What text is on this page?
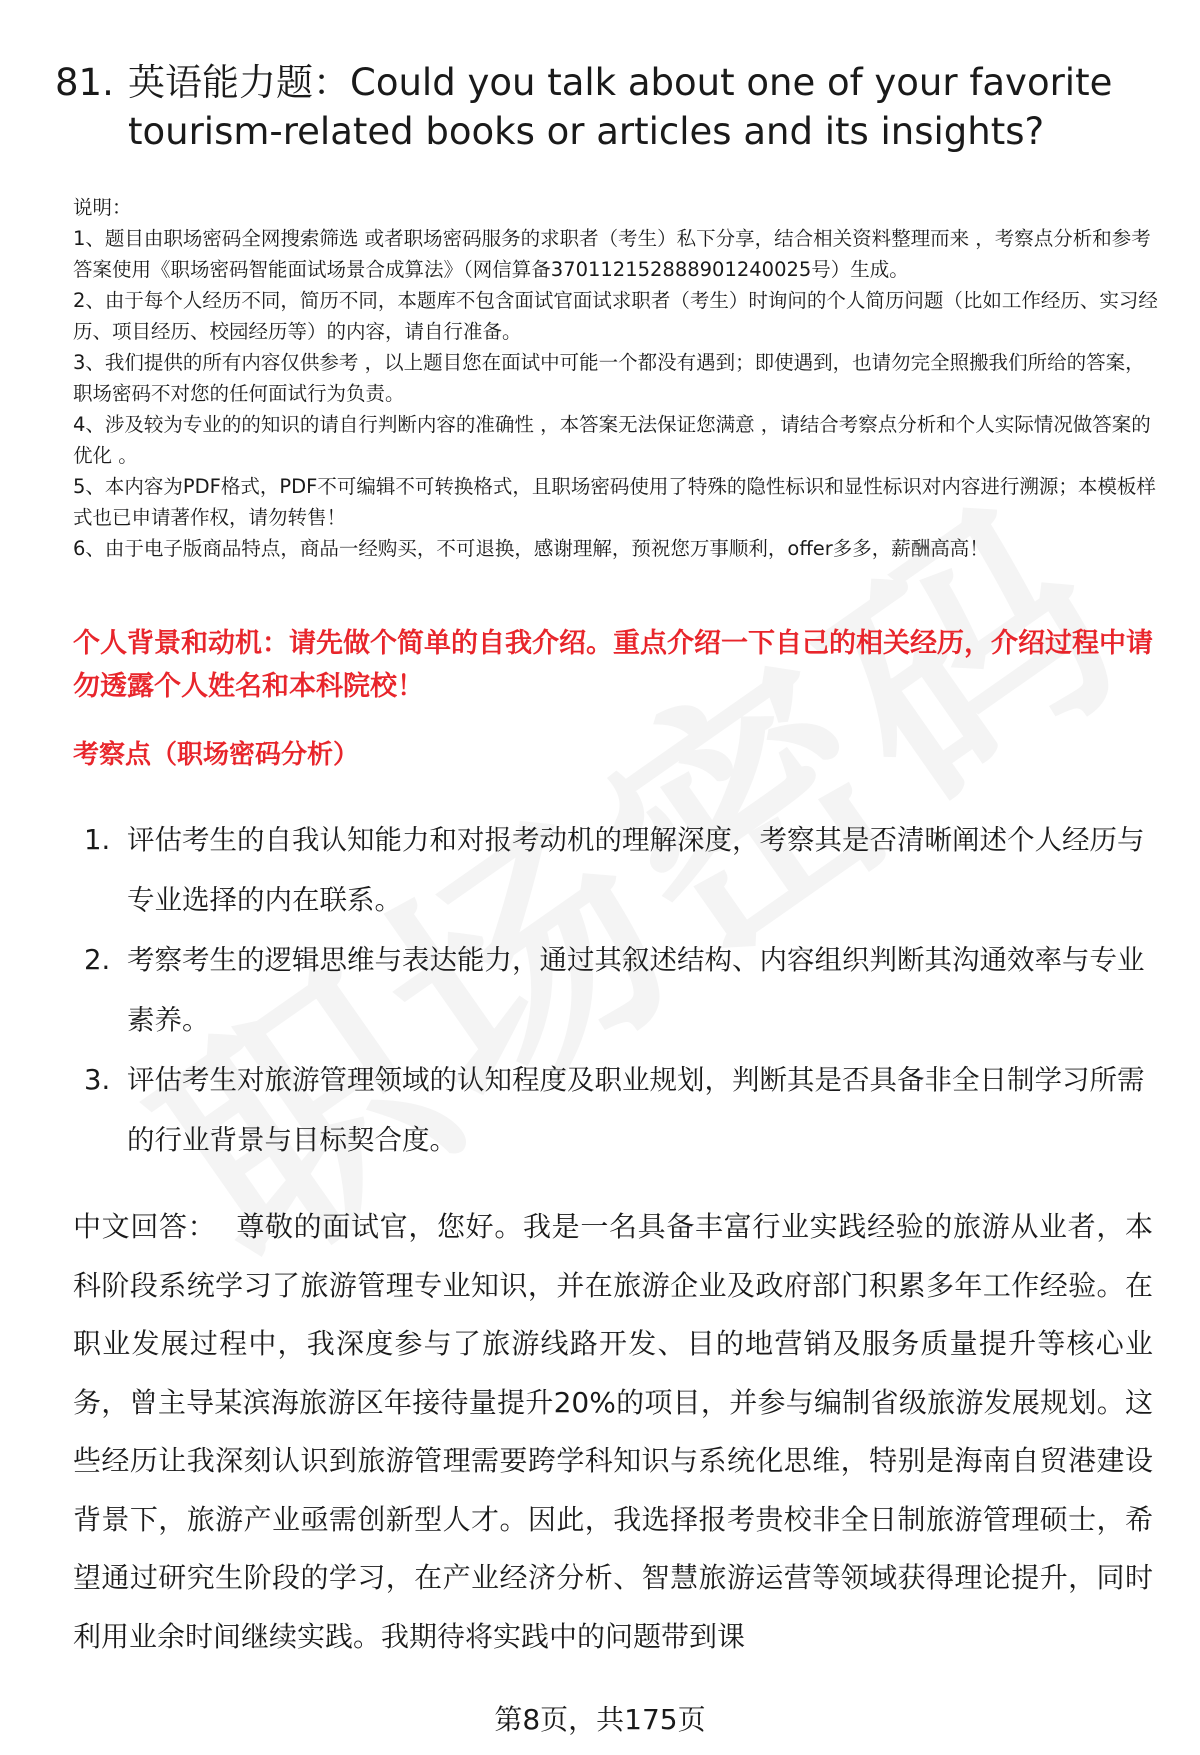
81. 英语能力题：Could you talk about one of your favorite tourism-related books or articles and its insights?
说明：
1、题目由职场密码全网搜索筛选 或者职场密码服务的求职者（考生）私下分享，结合相关资料整理而来 ，考察点分析和参考答案使用《职场密码智能面试场景合成算法》（网信算备370112152888901240025号）生成。
2、由于每个人经历不同，简历不同，本题库不包含面试官面试求职者（考生）时询问的个人简历问题（比如工作经历、实习经历、项目经历、校园经历等）的内容，请自行准备。
3、我们提供的所有内容仅供参考 ，以上题目您在面试中可能一个都没有遇到；即使遇到，也请勿完全照搬我们所给的答案，职场密码不对您的任何面试行为负责。
4、涉及较为专业的的知识的请自行判断内容的准确性 ，本答案无法保证您满意 ，请结合考察点分析和个人实际情况做答案的优化 。
5、本内容为PDF格式，PDF不可编辑不可转换格式，且职场密码使用了特殊的隐性标识和显性标识对内容进行溯源；本模板样式也已申请著作权，请勿转售！
6、由于电子版商品特点，商品一经购买，不可退换，感谢理解，预祝您万事顺利，offer多多，薪酬高高！
个人背景和动机：请先做个简单的自我介绍。重点介绍一下自己的相关经历，介绍过程中请勿透露个人姓名和本科院校！
考察点（职场密码分析）
1. 评估考生的自我认知能力和对报考动机的理解深度，考察其是否清晰阐述个人经历与专业选择的内在联系。
2. 考察考生的逻辑思维与表达能力，通过其叙述结构、内容组织判断其沟通效率与专业素养。
3. 评估考生对旅游管理领域的认知程度及职业规划，判断其是否具备非全日制学习所需的行业背景与目标契合度。
中文回答： 尊敬的面试官，您好。我是一名具备丰富行业实践经验的旅游从业者，本科阶段系统学习了旅游管理专业知识，并在旅游企业及政府部门积累多年工作经验。在职业发展过程中，我深度参与了旅游线路开发、目的地营销及服务质量提升等核心业务，曾主导某滨海旅游区年接待量提升20%的项目，并参与编制省级旅游发展规划。这些经历让我深刻认识到旅游管理需要跨学科知识与系统化思维，特别是海南自贸港建设背景下，旅游产业亟需创新型人才。因此，我选择报考贵校非全日制旅游管理硕士，希望通过研究生阶段的学习，在产业经济分析、智慧旅游运营等领域获得理论提升，同时利用业余时间继续实践。我期待将实践中的问题带到课
第8页，共175页
